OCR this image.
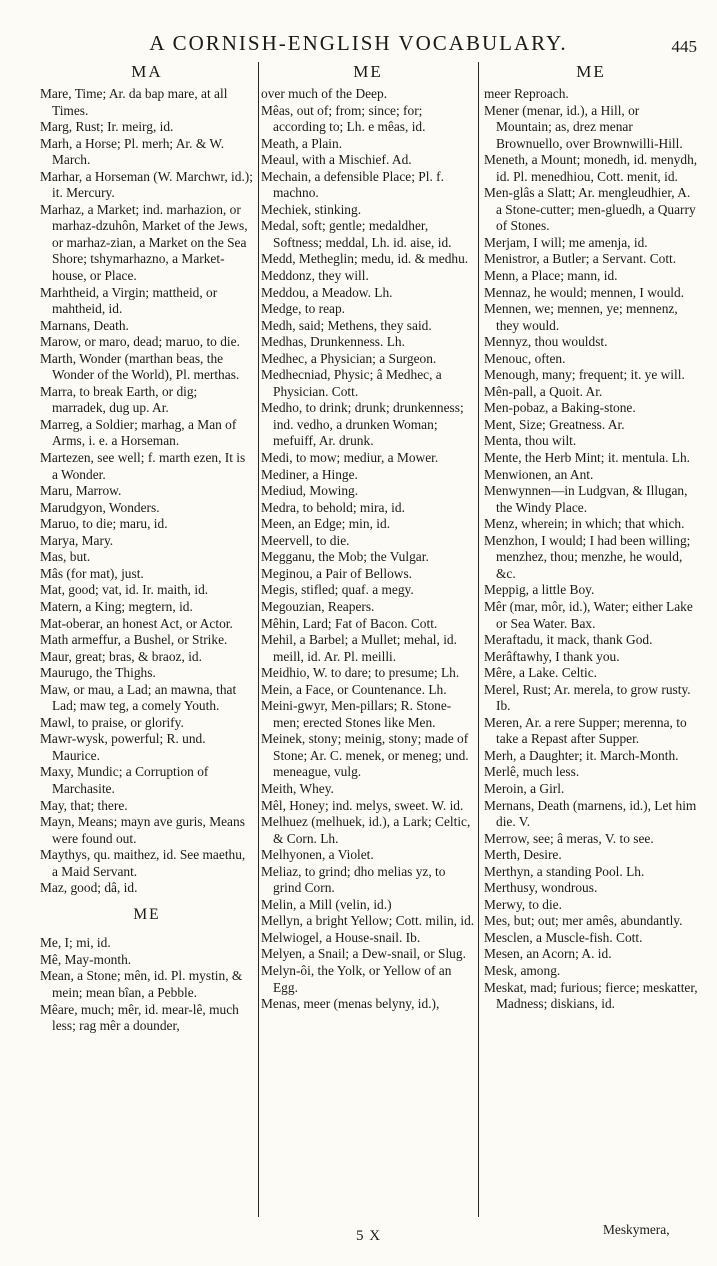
A CORNISH-ENGLISH VOCABULARY.	445
MA

Mare, Time; Ar. da bap mare, at all Times.

Marg, Rust; Ir. meirg, id.

Marh, a Horse; Pl. merh; Ar. & W. March.

Marhar, a Horseman (W. Marchwr, id.); it. Mercury.

Marhaz, a Market; ind. marhazion, or marhaz-dzuhôn, Market of the Jews, or marhaz-zian, a Market on the Sea Shore; tshymarhazno, a Market-house, or Place.

Marhtheid, a Virgin; mattheid, or mahtheid, id.

Marnans, Death.

Marow, or maro, dead; maruo, to die.

Marth, Wonder (marthan beas, the Wonder of the World), Pl. merthas.

Marra, to break Earth, or dig; marradek, dug up. Ar.

Marreg, a Soldier; marhag, a Man of Arms, i. e. a Horseman.

Martezen, see well; f. marth ezen, It is a Wonder.

Maru, Marrow.

Marudgyon, Wonders.

Maruo, to die; maru, id.

Marya, Mary.

Mas, but.

Mâs (for mat), just.

Mat, good; vat, id. Ir. maith, id.

Matern, a King; megtern, id.

Mat-oberar, an honest Act, or Actor.

Math armeffur, a Bushel, or Strike.

Maur, great; bras, & braoz, id.

Maurugo, the Thighs.

Maw, or mau, a Lad; an mawna, that Lad; maw teg, a comely Youth.

Mawl, to praise, or glorify.

Mawr-wysk, powerful; R. und. Maurice.

Maxy, Mundic; a Corruption of Marchasite.

May, that; there.

Mayn, Means; mayn ave guris, Means were found out.

Maythys, qu. maithez, id. See maethu, a Maid Servant.

Maz, good; dâ, id.

ME

Me, I; mi, id.

Mê, May-month.

Mean, a Stone; mên, id. Pl. mystin, & mein; mean bîan, a Pebble.

Mêare, much; mêr, id. mear-lê, much less; rag mêr a dounder,

ME

over much of the Deep.

Mêas, out of; from; since; for; according to; Lh. e mêas, id.

Meath, a Plain.

Meaul, with a Mischief. Ad.

Mechain, a defensible Place; Pl. f. machno.

Mechiek, stinking.

Medal, soft; gentle; medaldher, Softness; meddal, Lh. id. aise, id.

Medd, Metheglin; medu, id. & medhu.

Meddonz, they will.

Meddou, a Meadow. Lh.

Medge, to reap.

Medh, said; Methens, they said.

Medhas, Drunkenness. Lh.

Medhec, a Physician; a Surgeon.

Medhecniad, Physic; â Medhec, a Physician. Cott.

Medho, to drink; drunk; drunkenness; ind. vedho, a drunken Woman; mefuiff, Ar. drunk.

Medi, to mow; mediur, a Mower.

Mediner, a Hinge.

Mediud, Mowing.

Medra, to behold; mira, id.

Meen, an Edge; min, id.

Meervell, to die.

Megganu, the Mob; the Vulgar.

Meginou, a Pair of Bellows.

Megis, stifled; quaf. a megy.

Megouzian, Reapers.

Mêhin, Lard; Fat of Bacon. Cott.

Mehil, a Barbel; a Mullet; mehal, id. meill, id. Ar. Pl. meilli.

Meidhio, W. to dare; to presume; Lh.

Mein, a Face, or Countenance. Lh.

Meini-gwyr, Men-pillars; R. Stone-men; erected Stones like Men.

Meinek, stony; meinig, stony; made of Stone; Ar. C. menek, or meneg; und. meneague, vulg.

Meith, Whey.

Mêl, Honey; ind. melys, sweet. W. id.

Melhuez (melhuek, id.), a Lark; Celtic, & Corn. Lh.

Melhyonen, a Violet.

Meliaz, to grind; dho melias yz, to grind Corn.

Melin, a Mill (velin, id.)

Mellyn, a bright Yellow; Cott. milin, id.

Melwiogel, a House-snail. Ib.

Melyen, a Snail; a Dew-snail, or Slug.

Melyn-ôi, the Yolk, or Yellow of an Egg.

Menas, meer (menas belyny, id.),

ME

meer Reproach.

Mener (menar, id.), a Hill, or Mountain; as, drez menar Brownuello, over Brownwilli-Hill.

Meneth, a Mount; monedh, id. menydh, id. Pl. menedhiou, Cott. menit, id.

Men-glâs a Slatt; Ar. mengleudhier, A. a Stone-cutter; men-gluedh, a Quarry of Stones.

Merjam, I will; me amenja, id.

Menistror, a Butler; a Servant. Cott.

Menn, a Place; mann, id.

Mennaz, he would; mennen, I would.

Mennen, we; mennen, ye; mennenz, they would.

Mennyz, thou wouldst.

Menouc, often.

Menough, many; frequent; it. ye will.

Mên-pall, a Quoit. Ar.

Men-pobaz, a Baking-stone.

Ment, Size; Greatness. Ar.

Menta, thou wilt.

Mente, the Herb Mint; it. mentula. Lh.

Menwionen, an Ant.

Menwynnen—in Ludgvan, & Illugan, the Windy Place.

Menz, wherein; in which; that which.

Menzhon, I would; I had been willing; menzhez, thou; menzhe, he would, &c.

Meppig, a little Boy.

Mêr (mar, môr, id.), Water; either Lake or Sea Water. Bax.

Meraftadu, it mack, thank God.

Merâftawhy, I thank you.

Mêre, a Lake. Celtic.

Merel, Rust; Ar. merela, to grow rusty. Ib.

Meren, Ar. a rere Supper; merenna, to take a Repast after Supper.

Merh, a Daughter; it. March-Month.

Merlê, much less.

Meroin, a Girl.

Mernans, Death (marnens, id.), Let him die. V.

Merrow, see; â meras, V. to see.

Merth, Desire.

Merthyn, a standing Pool. Lh.

Merthusy, wondrous.

Merwy, to die.

Mes, but; out; mer amês, abundantly.

Mesclen, a Muscle-fish. Cott.

Mesen, an Acorn; A. id.

Mesk, among.

Meskat, mad; furious; fierce; meskatter, Madness; diskians, id.

5 X	Meskymera,
